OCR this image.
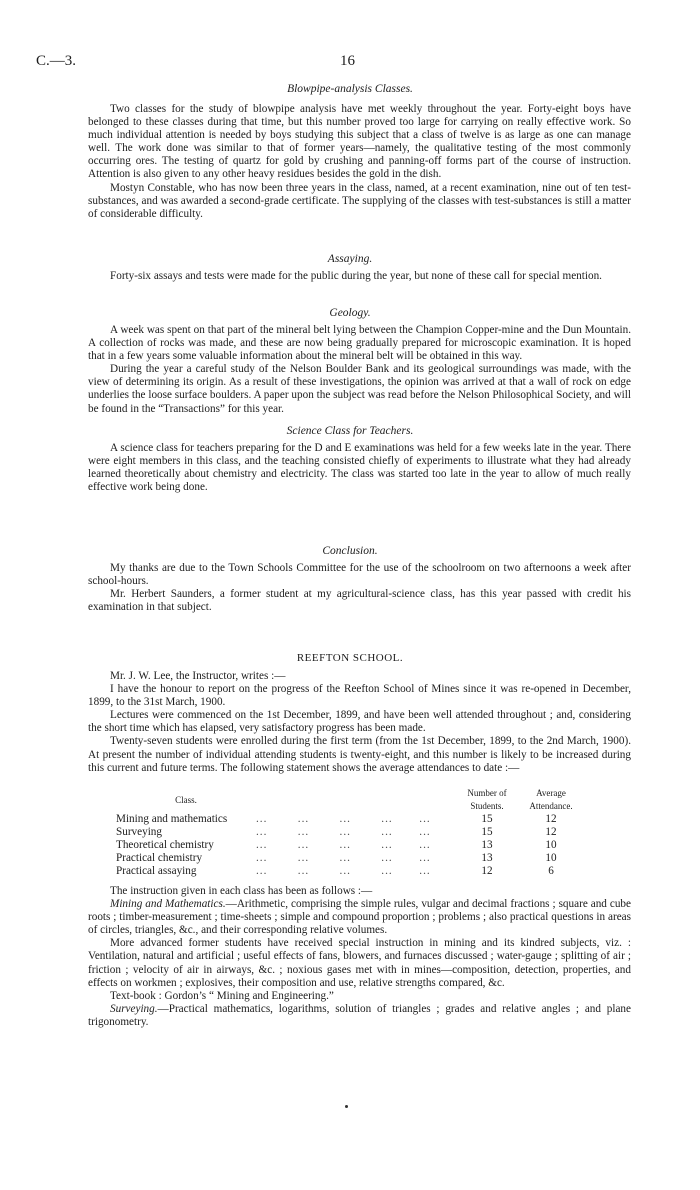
C.—3.	16
Blowpipe-analysis Classes.

Two classes for the study of blowpipe analysis have met weekly throughout the year. Forty-eight boys have belonged to these classes during that time, but this number proved too large for carrying on really effective work. So much individual attention is needed by boys studying this subject that a class of twelve is as large as one can manage well. The work done was similar to that of former years—namely, the qualitative testing of the most commonly occurring ores. The testing of quartz for gold by crushing and panning-off forms part of the course of instruction. Attention is also given to any other heavy residues besides the gold in the dish.

Mostyn Constable, who has now been three years in the class, named, at a recent examination, nine out of ten test-substances, and was awarded a second-grade certificate. The supplying of the classes with test-substances is still a matter of considerable difficulty.

Assaying.

Forty-six assays and tests were made for the public during the year, but none of these call for special mention.

Geology.

A week was spent on that part of the mineral belt lying between the Champion Copper-mine and the Dun Mountain. A collection of rocks was made, and these are now being gradually prepared for microscopic examination. It is hoped that in a few years some valuable information about the mineral belt will be obtained in this way.

During the year a careful study of the Nelson Boulder Bank and its geological surroundings was made, with the view of determining its origin. As a result of these investigations, the opinion was arrived at that a wall of rock on edge underlies the loose surface boulders. A paper upon the subject was read before the Nelson Philosophical Society, and will be found in the “Transactions” for this year.

Science Class for Teachers.

A science class for teachers preparing for the D and E examinations was held for a few weeks late in the year. There were eight members in this class, and the teaching consisted chiefly of experiments to illustrate what they had already learned theoretically about chemistry and electricity. The class was started too late in the year to allow of much really effective work being done.

Conclusion.

My thanks are due to the Town Schools Committee for the use of the schoolroom on two afternoons a week after school-hours.

Mr. Herbert Saunders, a former student at my agricultural-science class, has this year passed with credit his examination in that subject.

REEFTON SCHOOL.

Mr. J. W. Lee, the Instructor, writes :—

I have the honour to report on the progress of the Reefton School of Mines since it was re-opened in December, 1899, to the 31st March, 1900.

Lectures were commenced on the 1st December, 1899, and have been well attended throughout ; and, considering the short time which has elapsed, very satisfactory progress has been made.

Twenty-seven students were enrolled during the first term (from the 1st December, 1899, to the 2nd March, 1900). At present the number of individual attending students is twenty-eight, and this number is likely to be increased during this current and future terms. The following statement shows the average attendances to date :—

Class.		Number of Students.	Average Attendance.
Mining and mathematics	...        ...        ...        ...       ...	15	12
Surveying	...        ...        ...        ...       ...	15	12
Theoretical chemistry	...        ...        ...        ...       ...	13	10
Practical chemistry	...        ...        ...        ...       ...	13	10
Practical assaying	...        ...        ...        ...       ...	12	6

The instruction given in each class has been as follows :—

Mining and Mathematics.—Arithmetic, comprising the simple rules, vulgar and decimal fractions ; square and cube roots ; timber-measurement ; time-sheets ; simple and compound proportion ; problems ; also practical questions in areas of circles, triangles, &c., and their corresponding relative volumes.

More advanced former students have received special instruction in mining and its kindred subjects, viz. : Ventilation, natural and artificial ; useful effects of fans, blowers, and furnaces discussed ; water-gauge ; splitting of air ; friction ; velocity of air in airways, &c. ; noxious gases met with in mines—composition, detection, properties, and effects on workmen ; explosives, their composition and use, relative strengths compared, &c.

Text-book : Gordon’s “ Mining and Engineering.”

Surveying.—Practical mathematics, logarithms, solution of triangles ; grades and relative angles ; and plane trigonometry.
